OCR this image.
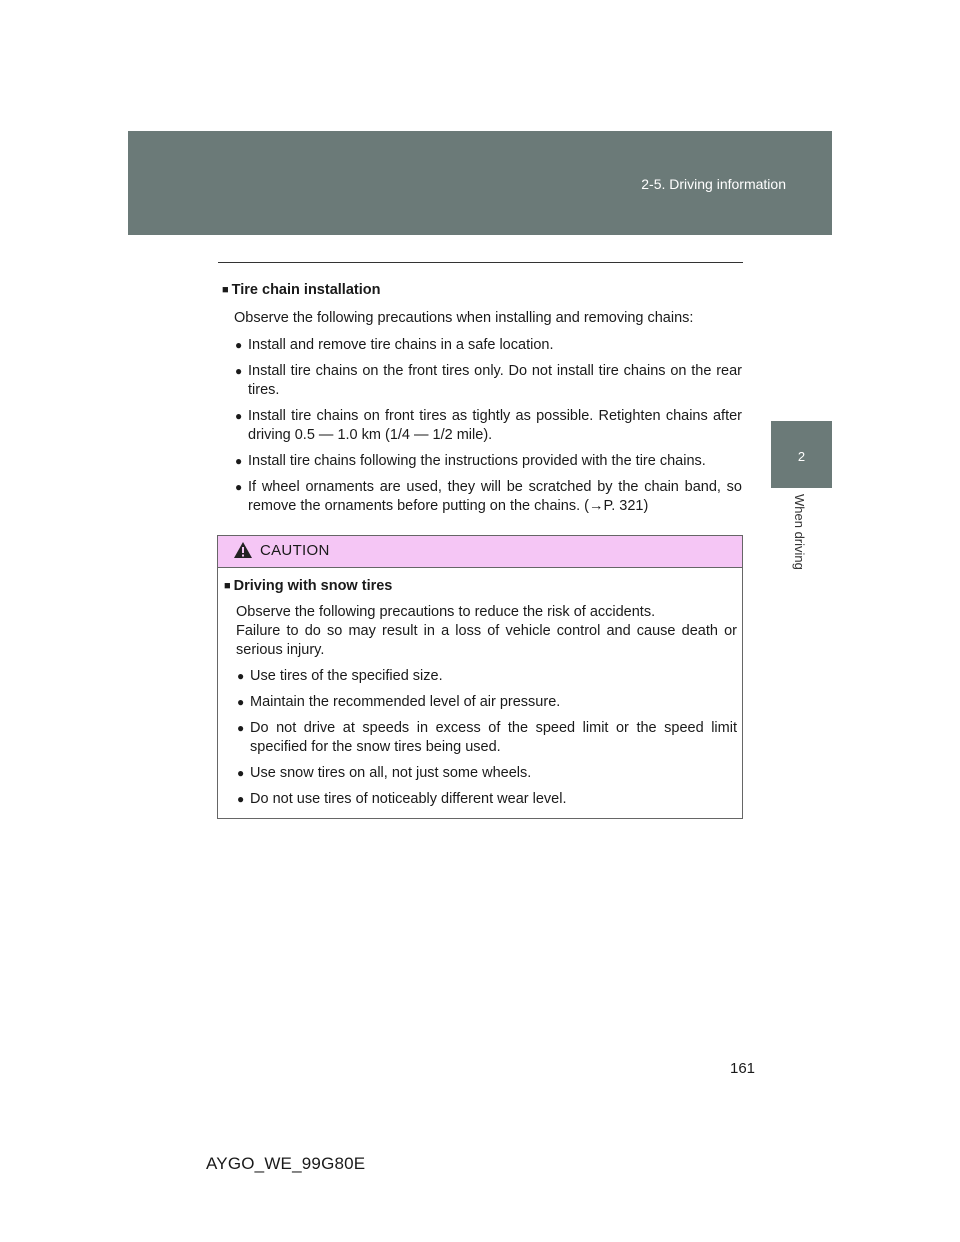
2-5. Driving information
2
When driving
■ Tire chain installation
Observe the following precautions when installing and removing chains:
● Install and remove tire chains in a safe location.
● Install tire chains on the front tires only. Do not install tire chains on the rear tires.
● Install tire chains on front tires as tightly as possible. Retighten chains after driving 0.5 — 1.0 km (1/4 — 1/2 mile).
● Install tire chains following the instructions provided with the tire chains.
● If wheel ornaments are used, they will be scratched by the chain band, so remove the ornaments before putting on the chains. (→P. 321)
CAUTION
■ Driving with snow tires
Observe the following precautions to reduce the risk of accidents.
Failure to do so may result in a loss of vehicle control and cause death or serious injury.
● Use tires of the specified size.
● Maintain the recommended level of air pressure.
● Do not drive at speeds in excess of the speed limit or the speed limit specified for the snow tires being used.
● Use snow tires on all, not just some wheels.
● Do not use tires of noticeably different wear level.
161
AYGO_WE_99G80E
